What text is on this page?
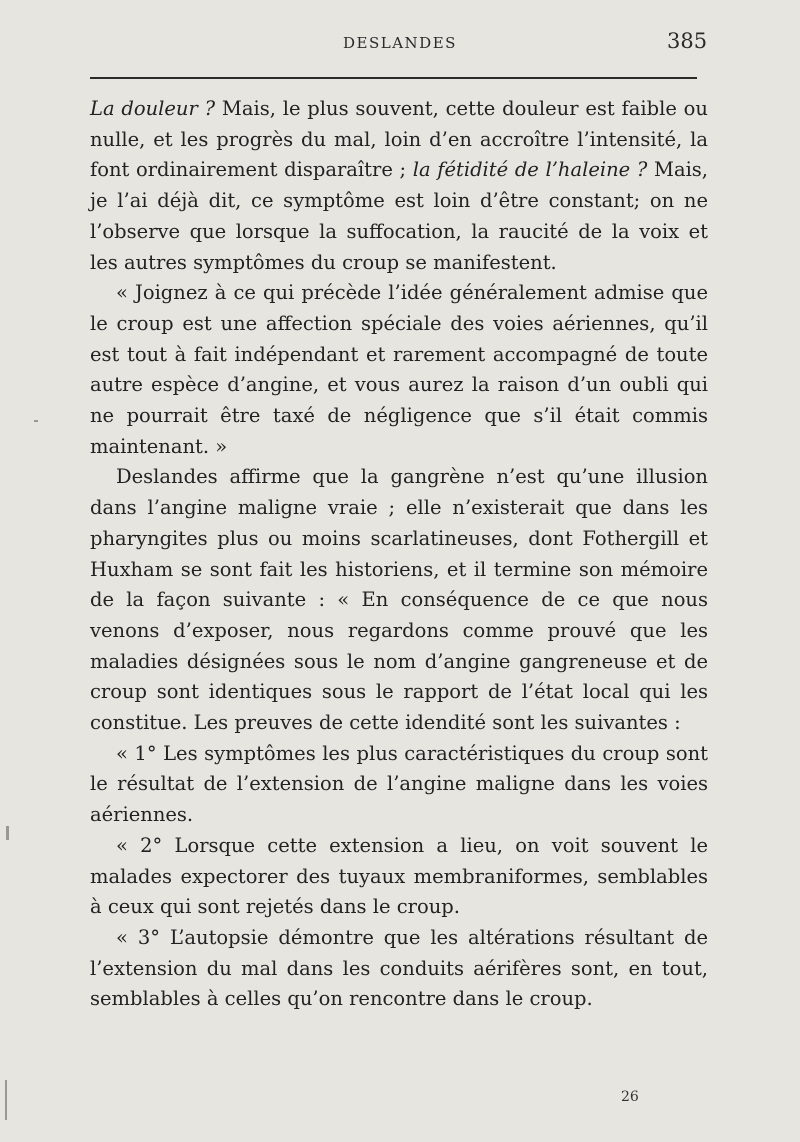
DESLANDES	385

La douleur ? Mais, le plus souvent, cette douleur est faible ou nulle, et les progrès du mal, loin d’en accroître l’intensité, la font ordinairement disparaître ; la fétidité de l’haleine ? Mais, je l’ai déjà dit, ce symptôme est loin d’être constant; on ne l’observe que lorsque la suffocation, la raucité de la voix et les autres symptômes du croup se manifestent.

« Joignez à ce qui précède l’idée généralement admise que le croup est une affection spéciale des voies aériennes, qu’il est tout à fait indépendant et rarement accompagné de toute autre espèce d’angine, et vous aurez la raison d’un oubli qui ne pourrait être taxé de négligence que s’il était commis maintenant. »

Deslandes affirme que la gangrène n’est qu’une illusion dans l’angine maligne vraie ; elle n’existerait que dans les pharyngites plus ou moins scarlatineuses, dont Fothergill et Huxham se sont fait les historiens, et il termine son mémoire de la façon suivante : « En conséquence de ce que nous venons d’exposer, nous regardons comme prouvé que les maladies désignées sous le nom d’angine gangreneuse et de croup sont identiques sous le rapport de l’état local qui les constitue. Les preuves de cette idendité sont les suivantes :

« 1° Les symptômes les plus caractéristiques du croup sont le résultat de l’extension de l’angine maligne dans les voies aériennes.

« 2° Lorsque cette extension a lieu, on voit souvent le malades expectorer des tuyaux membraniformes, semblables à ceux qui sont rejetés dans le croup.

« 3° L’autopsie démontre que les altérations résultant de l’extension du mal dans les conduits aérifères sont, en tout, semblables à celles qu’on rencontre dans le croup.

26
